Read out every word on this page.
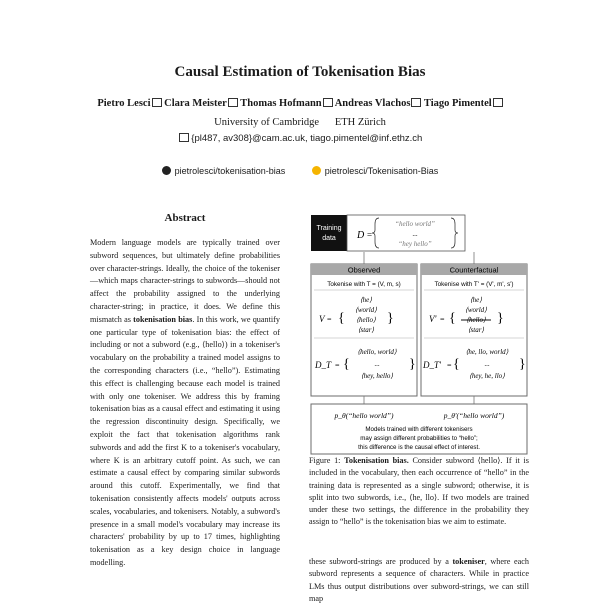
Causal Estimation of Tokenisation Bias
Pietro Lesci Clara Meister Thomas Hofmann Andreas Vlachos Tiago Pimentel
University of Cambridge ETH Zürich
{pl487, av308}@cam.ac.uk, tiago.pimentel@inf.ethz.ch
pietrolesci/tokenisation-bias	pietrolesci/Tokenisation-Bias
Abstract
Modern language models are typically trained over subword sequences, but ultimately define probabilities over character-strings. Ideally, the choice of the tokeniser—which maps character-strings to subwords—should not affect the probability assigned to the underlying character-string; in practice, it does. We define this mismatch as tokenisation bias. In this work, we quantify one particular type of tokenisation bias: the effect of including or not a subword (e.g., ⟨hello⟩) in a tokeniser's vocabulary on the probability a trained model assigns to the corresponding characters (i.e., “hello”). Estimating this effect is challenging because each model is trained with only one tokeniser. We address this by framing tokenisation bias as a causal effect and estimating it using the regression discontinuity design. Specifically, we exploit the fact that tokenisation algorithms rank subwords and add the first K to a tokeniser's vocabulary, where K is an arbitrary cutoff point. As such, we can estimate a causal effect by comparing similar subwords around this cutoff. Experimentally, we find that tokenisation consistently affects models' outputs across scales, vocabularies, and tokenisers. Notably, a subword's presence in a small model's vocabulary may increase its characters' probability by up to 17 times, highlighting tokenisation as a key design choice in language modelling.
Training
data D =
“hello world”
...
“hey hello”
Observed
Tokenise with T = (V, m, s)
V = {
⟨he⟩
⟨world⟩
⟨hello⟩
⟨star⟩
}
D_T = {
⟨hello, world⟩
...
⟨hey, hello⟩
}
Counterfactual
Tokenise with T' = (V', m', s')
V' = {
⟨he⟩
⟨world⟩
⟨hello⟩
⟨star⟩
}
D_T' = {
⟨he, llo, world⟩
...
⟨hey, he, llo⟩
}
p_θ(“hello world”)	p_θ'(“hello world”)
Models trained with different tokenisers
may assign different probabilities to “hello”;
this difference is the causal effect of interest.
Figure 1: Tokenisation bias. Consider subword ⟨hello⟩. If it is included in the vocabulary, then each occurrence of “hello” in the training data is represented as a single subword; otherwise, it is split into two subwords, i.e., ⟨he, llo⟩. If two models are trained under these two settings, the difference in the probability they assign to “hello” is the tokenisation bias we aim to estimate.
these subword-strings are produced by a tokeniser, where each subword represents a sequence of characters. While in practice LMs thus output distributions over subword-strings, we can still map
